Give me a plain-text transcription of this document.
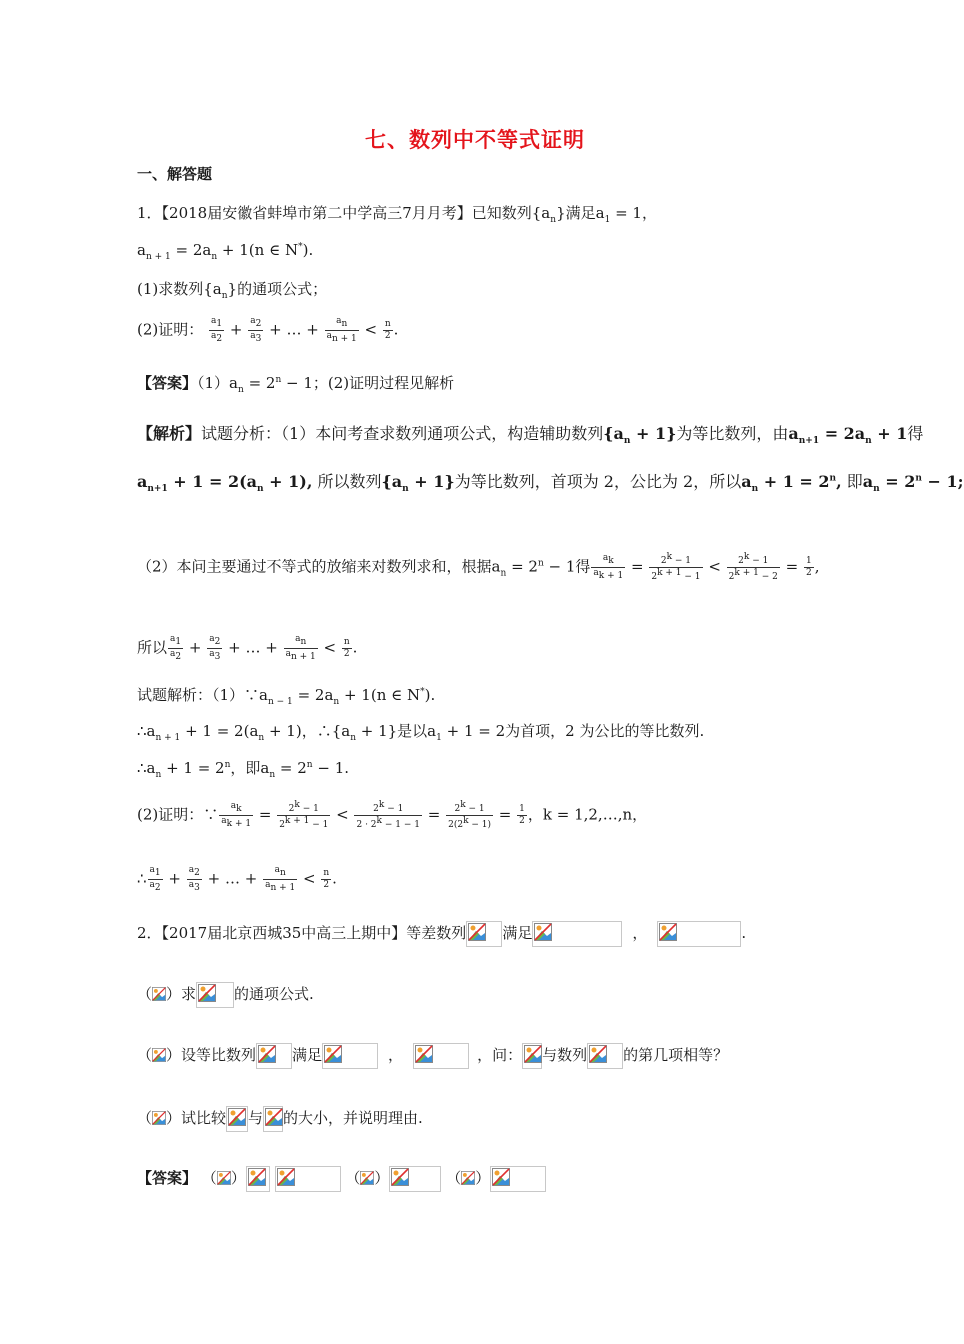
七、数列中不等式证明
一、解答题
1．【2018届安徽省蚌埠市第二中学高三7月月考】已知数列$\{a_n\}$满足$a_1 = 1$，
$a_{n + 1} = 2a_n + 1(n$ ∈ N*).
(1)求数列$\{a_n\}$的通项公式；
(2)证明： $\frac{a_1}{a_2} + \frac{a_2}{a_3}$ + … + $\frac{a_n}{a_{n + 1}} < \frac{n}{2}$ .
【答案】$(1)a_n = 2^n - 1$；(2)证明过程见解析
【解析】试题分析：（1）本问考查求数列通项公式，构造辅助数列$\{a_n + 1\}$为等比数列，由$a_{n+1} = 2a_n + 1$得
$a_{n+1} + 1 = 2(a_n + 1)$, 所以数列$\{a_n + 1\}$为等比数列，首项为 2，公比为 2，所以$a_n + 1 = 2^n$, 即$a_n = 2^n - 1$;
（2）本问主要通过不等式的放缩来对数列求和，根据$a_n = 2^n - 1$得 $\frac{a_k}{a_{k + 1}} = \frac{2^k - 1}{2^{k + 1} - 1} < \frac{2^k - 1}{2^{k + 1} - 2} = \frac{1}{2}$ ,
所以 $\frac{a_1}{a_2} + \frac{a_2}{a_3}$ + … + $\frac{a_n}{a_{n + 1}} < \frac{n}{2}$ .
试题解析：$(1)\because a_{n - 1} = 2a_n + 1(n$ ∈ N*).
$\therefore a_{n + 1} + 1 = 2(a_n + 1)$，$\therefore\{a_n + 1\}$是以$a_1 + 1 = 2$为首项，2 为公比的等比数列.
$\therefore a_n + 1 = 2^n$，即$a_n = 2^n - 1$.
(2)证明：∵ $\frac{a_k}{a_{k + 1}} = \frac{2^k - 1}{2^{k + 1} - 1} < \frac{2^k - 1}{2 \cdot 2^k - 1 - 1} = \frac{2^k - 1}{2(2^k - 1)} = \frac{1}{2}$ ，k = 1,2,…,n，
∴ $\frac{a_1}{a_2} + \frac{a_2}{a_3}$ + … + $\frac{a_n}{a_{n + 1}} < \frac{n}{2}$ .
2．【2017届北京西城35中高三上期中】等差数列 满足	，	.
（ ）求	的通项公式.
（ ）设等比数列 满足	，	，问： 与数列 的第几项相等？
（ ）试比较 与 的大小，并说明理由.
【答案】 （ ）
	（ ）	（ ）
